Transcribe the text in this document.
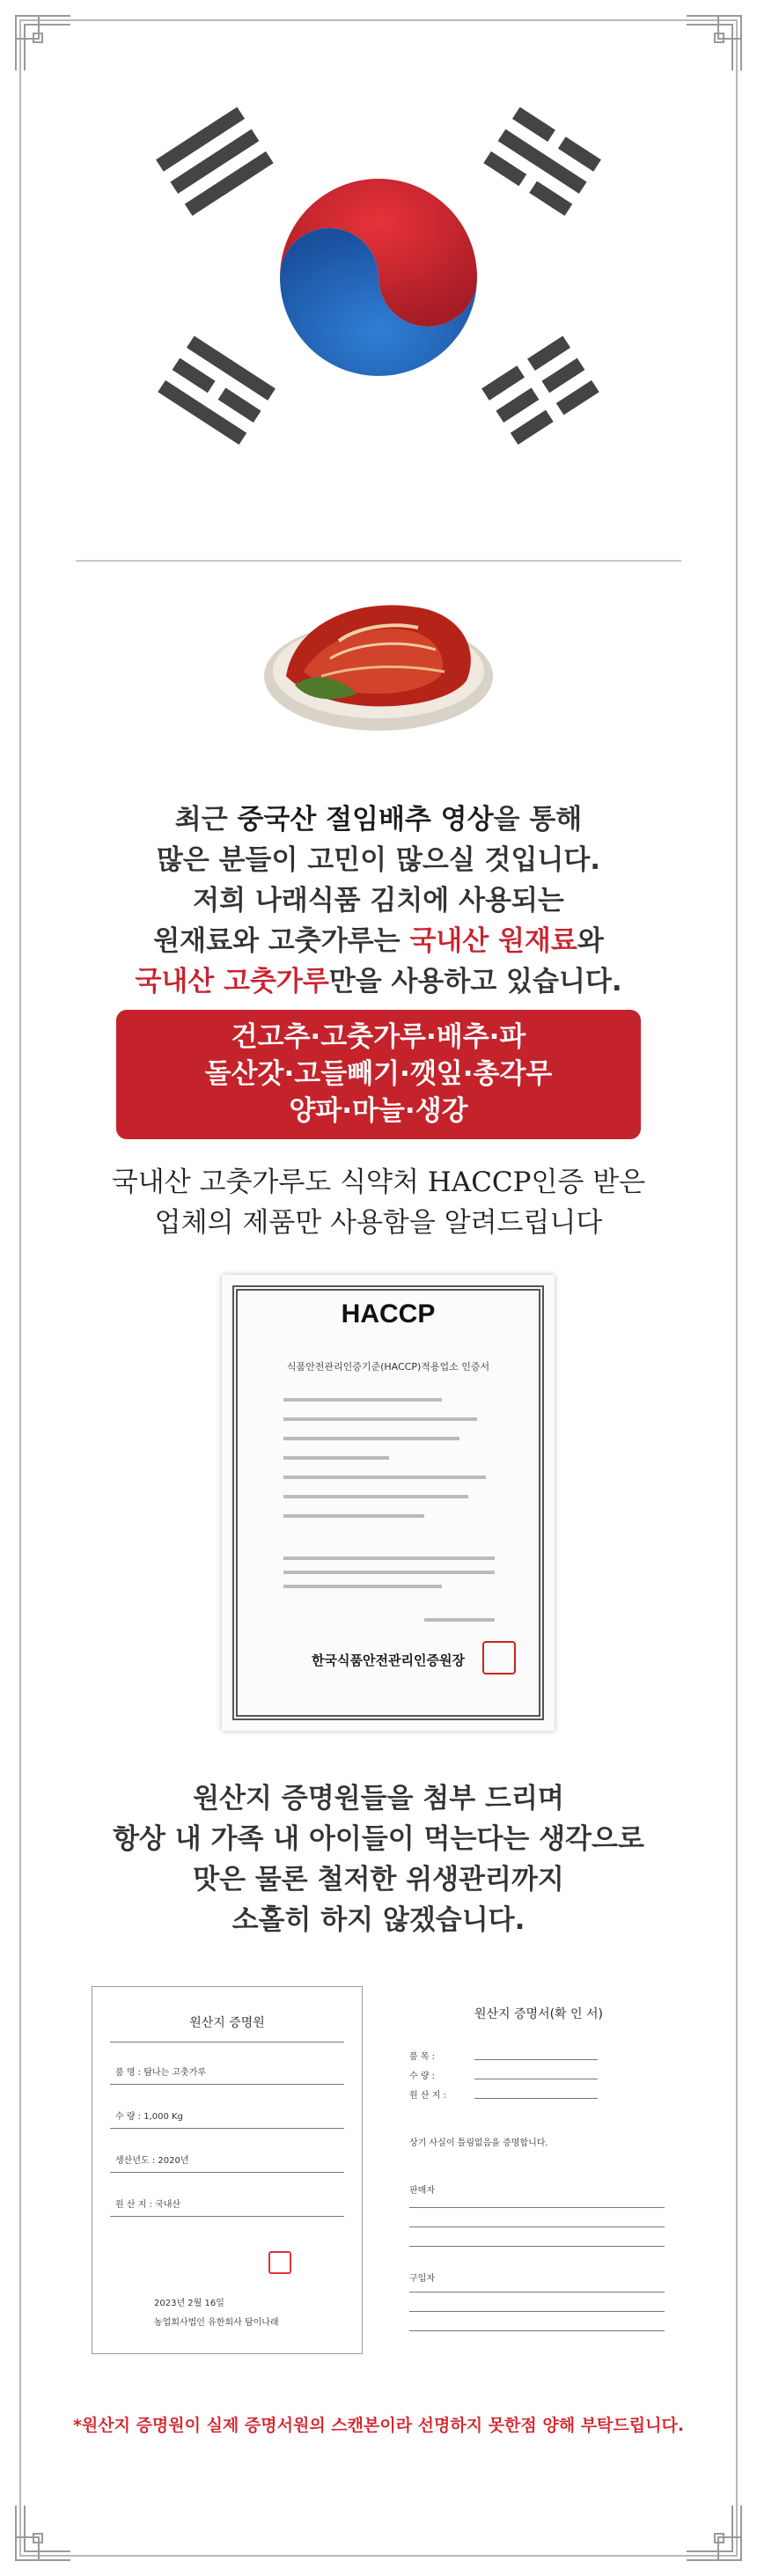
최근 중국산 절임배추 영상을 통해
많은 분들이 고민이 많으실 것입니다.
저희 나래식품 김치에 사용되는
원재료와 고춧가루는 국내산 원재료와
국내산 고춧가루만을 사용하고 있습니다.
건고추·고춧가루·배추·파
돌산갓·고들빼기·깻잎·총각무
양파·마늘·생강
국내산 고춧가루도 식약처 HACCP인증 받은
업체의 제품만 사용함을 알려드립니다
HACCP
식품안전관리인증기준(HACCP)적용업소 인증서
한국식품안전관리인증원장
원산지 증명원들을 첨부 드리며
항상 내 가족 내 아이들이 먹는다는 생각으로
맛은 물론 철저한 위생관리까지
소홀히 하지 않겠습니다.
원산지 증명원
품 명 : 탐나는 고춧가루
수 량 : 1,000 Kg
생산년도 : 2020년
원 산 지 : 국내산
2023년 2월 16일
농업회사법인 유한회사 탐이나래
원산지 증명서(확 인 서)
품 목 :
수 량 :
원 산 지 :
상기 사실이 틀림없음을 증명합니다.
판매자
구입자
*원산지 증명원이 실제 증명서원의 스캔본이라 선명하지 못한점 양해 부탁드립니다.
